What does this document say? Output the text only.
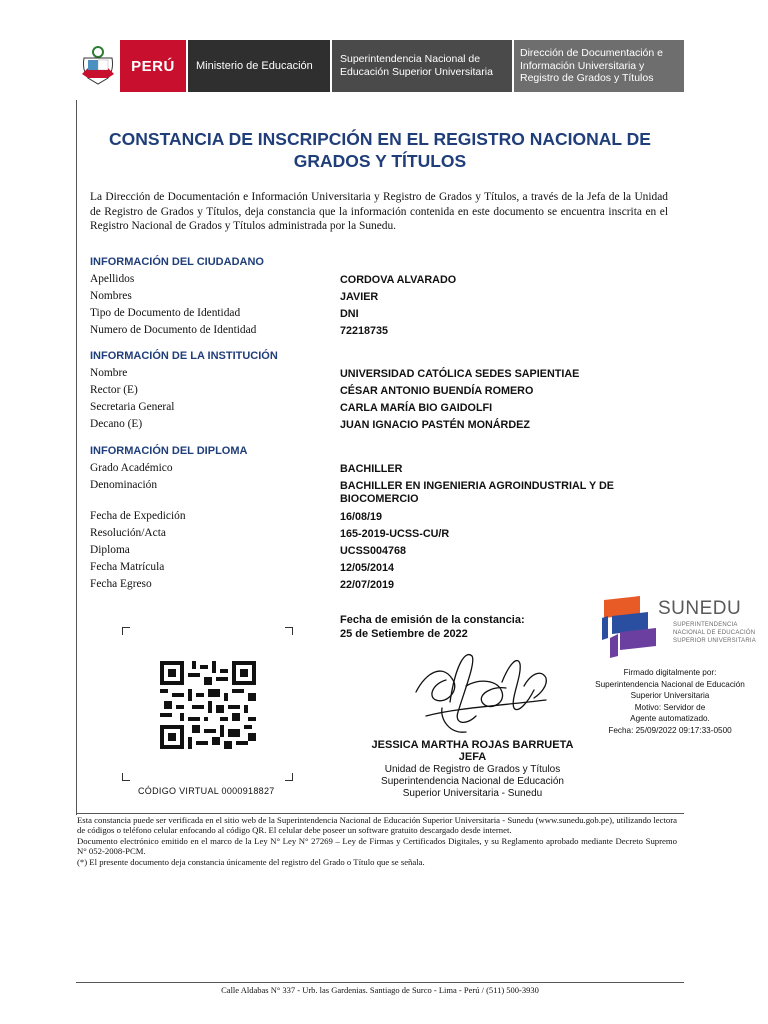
PERÚ	Ministerio de Educación
Superintendencia Nacional de Educación Superior Universitaria
Dirección de Documentación e Información Universitaria y Registro de Grados y Títulos
CONSTANCIA DE INSCRIPCIÓN EN EL REGISTRO NACIONAL DE GRADOS Y TÍTULOS
La Dirección de Documentación e Información Universitaria y Registro de Grados y Títulos, a través de la Jefa de la Unidad de Registro de Grados y Títulos, deja constancia que la información contenida en este documento se encuentra inscrita en el Registro Nacional de Grados y Títulos administrada por la Sunedu.
INFORMACIÓN DEL CIUDADANO
Apellidos	CORDOVA ALVARADO
Nombres	JAVIER
Tipo de Documento de Identidad	DNI
Numero de Documento de Identidad	72218735
INFORMACIÓN DE LA INSTITUCIÓN
Nombre	UNIVERSIDAD CATÓLICA SEDES SAPIENTIAE
Rector (E)	CÉSAR ANTONIO BUENDÍA ROMERO
Secretaria General	CARLA MARÍA BIO GAIDOLFI
Decano (E)	JUAN IGNACIO PASTÉN MONÁRDEZ
INFORMACIÓN DEL DIPLOMA
Grado Académico	BACHILLER
Denominación	BACHILLER EN INGENIERIA AGROINDUSTRIAL Y DE BIOCOMERCIO
Fecha de Expedición	16/08/19
Resolución/Acta	165-2019-UCSS-CU/R
Diploma	UCSS004768
Fecha Matrícula	12/05/2014
Fecha Egreso	22/07/2019
Fecha de emisión de la constancia:
25 de Setiembre de 2022
CÓDIGO VIRTUAL 0000918827
JESSICA MARTHA ROJAS BARRUETA
JEFA
Unidad de Registro de Grados y Títulos
Superintendencia Nacional de Educación
Superior Universitaria - Sunedu
SUNEDU
SUPERINTENDENCIA
NACIONAL DE EDUCACIÓN
SUPERIOR UNIVERSITARIA
Firmado digitalmente por:
Superintendencia Nacional de Educación
Superior Universitaria
Motivo: Servidor de
Agente automatizado.
Fecha: 25/09/2022 09:17:33-0500
Esta constancia puede ser verificada en el sitio web de la Superintendencia Nacional de Educación Superior Universitaria - Sunedu (www.sunedu.gob.pe), utilizando lectora de códigos o teléfono celular enfocando al código QR. El celular debe poseer un software gratuito descargado desde internet.
Documento electrónico emitido en el marco de la Ley N° Ley N° 27269 – Ley de Firmas y Certificados Digitales, y su Reglamento aprobado mediante Decreto Supremo N° 052-2008-PCM.
(*) El presente documento deja constancia únicamente del registro del Grado o Título que se señala.
Calle Aldabas N° 337 - Urb. las Gardenias. Santiago de Surco - Lima - Perú / (511) 500-3930
